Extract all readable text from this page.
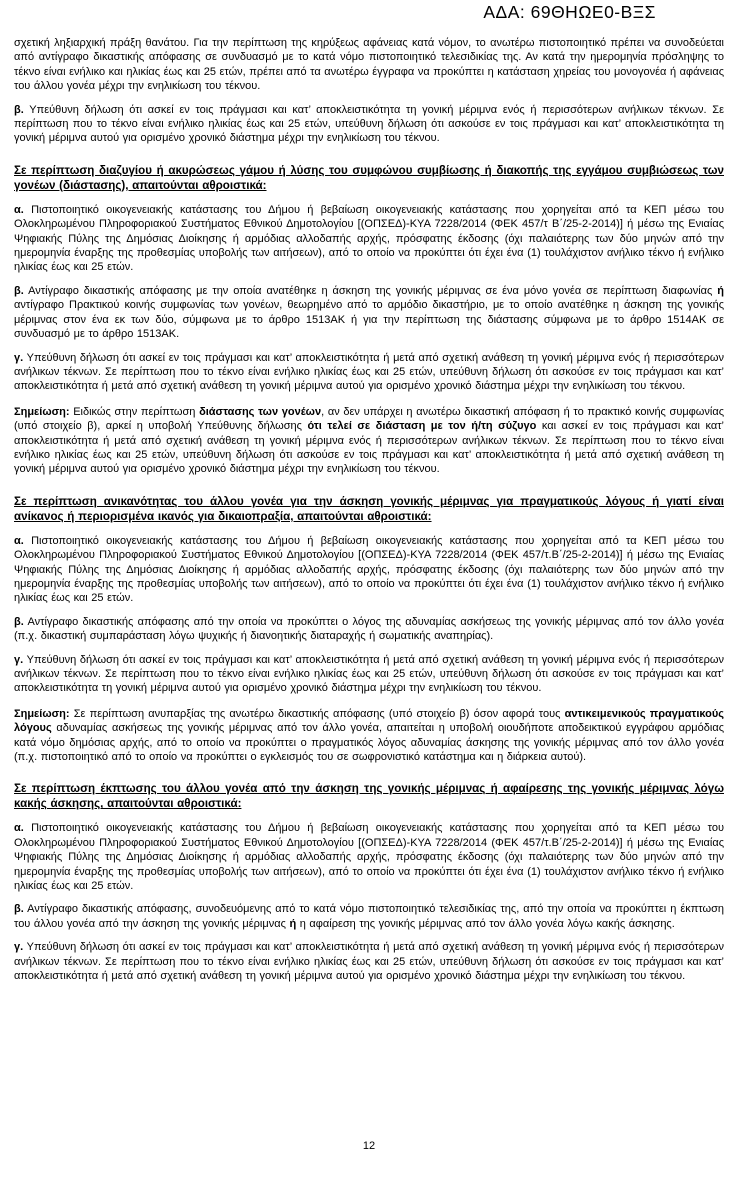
ΑΔΑ: 69ΘΗΩΕ0-ΒΞΣ

σχετική ληξιαρχική πράξη θανάτου. Για την περίπτωση της κηρύξεως αφάνειας κατά νόμον, το ανωτέρω πιστοποιητικό πρέπει να συνοδεύεται από αντίγραφο δικαστικής απόφασης σε συνδυασμό με το κατά νόμο πιστοποιητικό τελεσιδικίας της. Αν κατά την ημερομηνία πρόσληψης το τέκνο είναι ενήλικο και ηλικίας έως και 25 ετών, πρέπει από τα ανωτέρω έγγραφα να προκύπτει η κατάσταση χηρείας του μονογονέα ή αφάνειας του άλλου γονέα μέχρι την ενηλικίωση του τέκνου.

β. Υπεύθυνη δήλωση ότι ασκεί εν τοις πράγμασι και κατ’ αποκλειστικότητα τη γονική μέριμνα ενός ή περισσότερων ανήλικων τέκνων. Σε περίπτωση που το τέκνο είναι ενήλικο ηλικίας έως και 25 ετών, υπεύθυνη δήλωση ότι ασκούσε εν τοις πράγμασι και κατ’ αποκλειστικότητα τη γονική μέριμνα αυτού για ορισμένο χρονικό διάστημα μέχρι την ενηλικίωση του τέκνου.

Σε περίπτωση διαζυγίου ή ακυρώσεως γάμου ή λύσης του συμφώνου συμβίωσης ή διακοπής της εγγάμου συμβιώσεως των γονέων (διάστασης), απαιτούνται αθροιστικά:

α. Πιστοποιητικό οικογενειακής κατάστασης του Δήμου ή βεβαίωση οικογενειακής κατάστασης που χορηγείται από τα ΚΕΠ μέσω του Ολοκληρωμένου Πληροφοριακού Συστήματος Εθνικού Δημοτολογίου [(ΟΠΣΕΔ)-ΚΥΑ 7228/2014 (ΦΕΚ 457/τ Β΄/25-2-2014)] ή μέσω της Ενιαίας Ψηφιακής Πύλης της Δημόσιας Διοίκησης ή αρμόδιας αλλοδαπής αρχής, πρόσφατης έκδοσης (όχι παλαιότερης των δύο μηνών από την ημερομηνία έναρξης της προθεσμίας υποβολής των αιτήσεων), από το οποίο να προκύπτει ότι έχει ένα (1) τουλάχιστον ανήλικο τέκνο ή ενήλικο ηλικίας έως και 25 ετών.

β. Αντίγραφο δικαστικής απόφασης με την οποία ανατέθηκε η άσκηση της γονικής μέριμνας σε ένα μόνο γονέα σε περίπτωση διαφωνίας ή αντίγραφο Πρακτικού κοινής συμφωνίας των γονέων, θεωρημένο από το αρμόδιο δικαστήριο, με το οποίο ανατέθηκε η άσκηση της γονικής μέριμνας στον ένα εκ των δύο, σύμφωνα με το άρθρο 1513ΑΚ ή για την περίπτωση της διάστασης σύμφωνα με το άρθρο 1514ΑΚ σε συνδυασμό με το άρθρο 1513ΑΚ.

γ. Υπεύθυνη δήλωση ότι ασκεί εν τοις πράγμασι και κατ’ αποκλειστικότητα ή μετά από σχετική ανάθεση τη γονική μέριμνα ενός ή περισσότερων ανήλικων τέκνων. Σε περίπτωση που το τέκνο είναι ενήλικο ηλικίας έως και 25 ετών, υπεύθυνη δήλωση ότι ασκούσε εν τοις πράγμασι και κατ’ αποκλειστικότητα ή μετά από σχετική ανάθεση τη γονική μέριμνα αυτού για ορισμένο χρονικό διάστημα μέχρι την ενηλικίωση του τέκνου.

Σημείωση: Ειδικώς στην περίπτωση διάστασης των γονέων, αν δεν υπάρχει η ανωτέρω δικαστική απόφαση ή το πρακτικό κοινής συμφωνίας (υπό στοιχείο β), αρκεί η υποβολή Υπεύθυνης δήλωσης ότι τελεί σε διάσταση με τον ή/τη σύζυγο και ασκεί εν τοις πράγμασι και κατ’ αποκλειστικότητα ή μετά από σχετική ανάθεση τη γονική μέριμνα ενός ή περισσότερων ανήλικων τέκνων. Σε περίπτωση που το τέκνο είναι ενήλικο ηλικίας έως και 25 ετών, υπεύθυνη δήλωση ότι ασκούσε εν τοις πράγμασι και κατ’ αποκλειστικότητα ή μετά από σχετική ανάθεση τη γονική μέριμνα αυτού για ορισμένο χρονικό διάστημα μέχρι την ενηλικίωση του τέκνου.

Σε περίπτωση ανικανότητας του άλλου γονέα για την άσκηση γονικής μέριμνας για πραγματικούς λόγους ή γιατί είναι ανίκανος ή περιορισμένα ικανός για δικαιοπραξία, απαιτούνται αθροιστικά:

α. Πιστοποιητικό οικογενειακής κατάστασης του Δήμου ή βεβαίωση οικογενειακής κατάστασης που χορηγείται από τα ΚΕΠ μέσω του Ολοκληρωμένου Πληροφοριακού Συστήματος Εθνικού Δημοτολογίου [(ΟΠΣΕΔ)-ΚΥΑ 7228/2014 (ΦΕΚ 457/τ.Β΄/25-2-2014)] ή μέσω της Ενιαίας Ψηφιακής Πύλης της Δημόσιας Διοίκησης ή αρμόδιας αλλοδαπής αρχής, πρόσφατης έκδοσης (όχι παλαιότερης των δύο μηνών από την ημερομηνία έναρξης της προθεσμίας υποβολής των αιτήσεων), από το οποίο να προκύπτει ότι έχει ένα (1) τουλάχιστον ανήλικο τέκνο ή ενήλικο ηλικίας έως και 25 ετών.

β. Αντίγραφο δικαστικής απόφασης από την οποία να προκύπτει ο λόγος της αδυναμίας ασκήσεως της γονικής μέριμνας από τον άλλο γονέα (π.χ. δικαστική συμπαράσταση λόγω ψυχικής ή διανοητικής διαταραχής ή σωματικής αναπηρίας).

γ. Υπεύθυνη δήλωση ότι ασκεί εν τοις πράγμασι και κατ’ αποκλειστικότητα ή μετά από σχετική ανάθεση τη γονική μέριμνα ενός ή περισσότερων ανήλικων τέκνων. Σε περίπτωση που το τέκνο είναι ενήλικο ηλικίας έως και 25 ετών, υπεύθυνη δήλωση ότι ασκούσε εν τοις πράγμασι και κατ’ αποκλειστικότητα τη γονική μέριμνα αυτού για ορισμένο χρονικό διάστημα μέχρι την ενηλικίωση του τέκνου.

Σημείωση: Σε περίπτωση ανυπαρξίας της ανωτέρω δικαστικής απόφασης (υπό στοιχείο β) όσον αφορά τους αντικειμενικούς πραγματικούς λόγους αδυναμίας ασκήσεως της γονικής μέριμνας από τον άλλο γονέα, απαιτείται η υποβολή οιουδήποτε αποδεικτικού εγγράφου αρμόδιας κατά νόμο δημόσιας αρχής, από το οποίο να προκύπτει ο πραγματικός λόγος αδυναμίας άσκησης της γονικής μέριμνας από τον άλλο γονέα (π.χ. πιστοποιητικό από το οποίο να προκύπτει ο εγκλεισμός του σε σωφρονιστικό κατάστημα και η διάρκεια αυτού).

Σε περίπτωση έκπτωσης του άλλου γονέα από την άσκηση της γονικής μέριμνας ή αφαίρεσης της γονικής μέριμνας λόγω κακής άσκησης, απαιτούνται αθροιστικά:

α. Πιστοποιητικό οικογενειακής κατάστασης του Δήμου ή βεβαίωση οικογενειακής κατάστασης που χορηγείται από τα ΚΕΠ μέσω του Ολοκληρωμένου Πληροφοριακού Συστήματος Εθνικού Δημοτολογίου [(ΟΠΣΕΔ)-ΚΥΑ 7228/2014 (ΦΕΚ 457/τ.Β΄/25-2-2014)] ή μέσω της Ενιαίας Ψηφιακής Πύλης της Δημόσιας Διοίκησης ή αρμόδιας αλλοδαπής αρχής, πρόσφατης έκδοσης (όχι παλαιότερης των δύο μηνών από την ημερομηνία έναρξης της προθεσμίας υποβολής των αιτήσεων), από το οποίο να προκύπτει ότι έχει ένα (1) τουλάχιστον ανήλικο τέκνο ή ενήλικο ηλικίας έως και 25 ετών.

β. Αντίγραφο δικαστικής απόφασης, συνοδευόμενης από το κατά νόμο πιστοποιητικό τελεσιδικίας της, από την οποία να προκύπτει η έκπτωση του άλλου γονέα από την άσκηση της γονικής μέριμνας ή η αφαίρεση της γονικής μέριμνας από τον άλλο γονέα λόγω κακής άσκησης.

γ. Υπεύθυνη δήλωση ότι ασκεί εν τοις πράγμασι και κατ’ αποκλειστικότητα ή μετά από σχετική ανάθεση τη γονική μέριμνα ενός ή περισσότερων ανήλικων τέκνων. Σε περίπτωση που το τέκνο είναι ενήλικο ηλικίας έως και 25 ετών, υπεύθυνη δήλωση ότι ασκούσε εν τοις πράγμασι και κατ’ αποκλειστικότητα ή μετά από σχετική ανάθεση τη γονική μέριμνα αυτού για ορισμένο χρονικό διάστημα μέχρι την ενηλικίωση του τέκνου.

12
